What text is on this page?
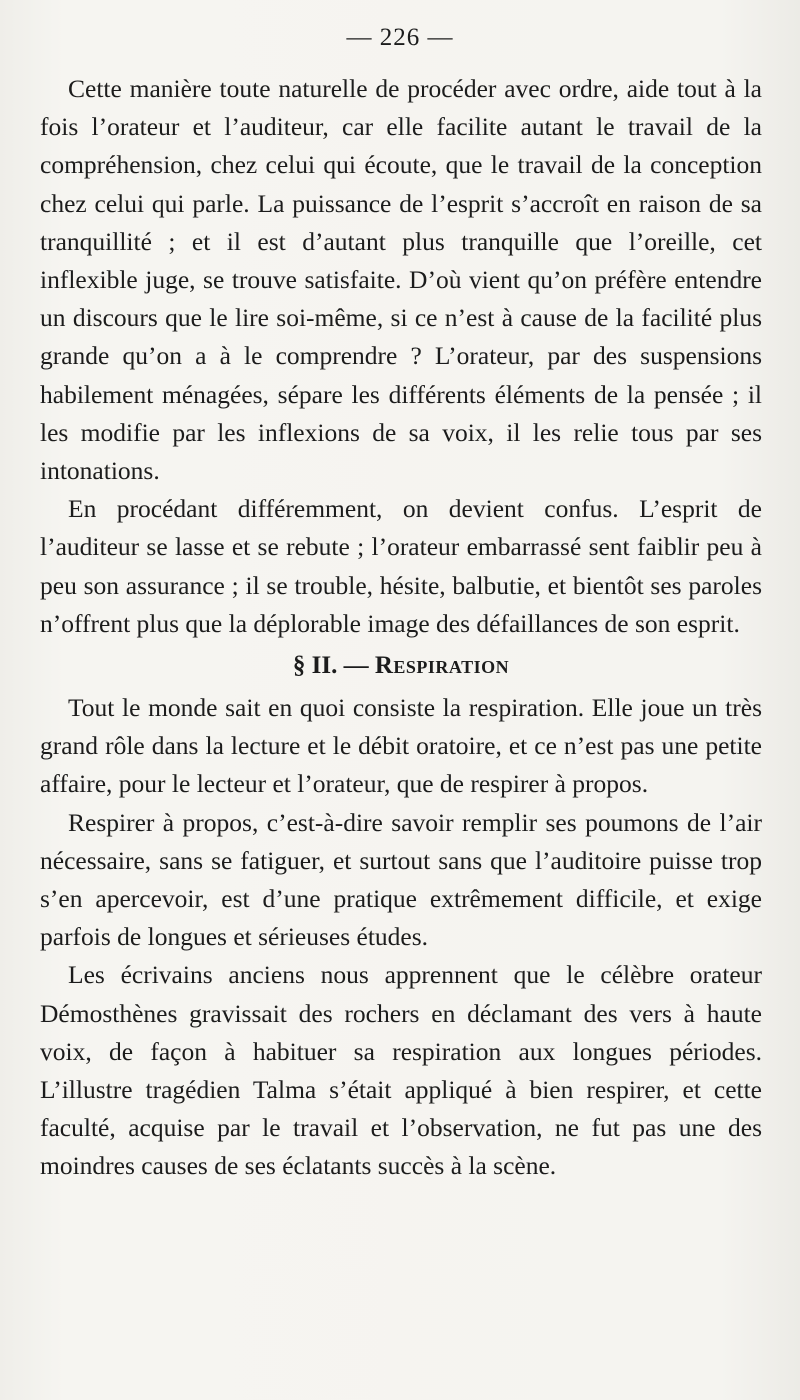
— 226 —

Cette manière toute naturelle de procéder avec ordre, aide tout à la fois l’orateur et l’auditeur, car elle facilite autant le travail de la compréhension, chez celui qui écoute, que le travail de la conception chez celui qui parle. La puissance de l’esprit s’accroît en raison de sa tranquillité ; et il est d’autant plus tranquille que l’oreille, cet inflexible juge, se trouve satisfaite. D’où vient qu’on préfère entendre un discours que le lire soi-même, si ce n’est à cause de la facilité plus grande qu’on a à le comprendre ? L’orateur, par des suspensions habilement ménagées, sépare les différents éléments de la pensée ; il les modifie par les inflexions de sa voix, il les relie tous par ses intonations.

En procédant différemment, on devient confus. L’esprit de l’auditeur se lasse et se rebute ; l’orateur embarrassé sent faiblir peu à peu son assurance ; il se trouble, hésite, balbutie, et bientôt ses paroles n’offrent plus que la déplorable image des défaillances de son esprit.

§ II. — Respiration

Tout le monde sait en quoi consiste la respiration. Elle joue un très grand rôle dans la lecture et le débit oratoire, et ce n’est pas une petite affaire, pour le lecteur et l’orateur, que de respirer à propos.

Respirer à propos, c’est-à-dire savoir remplir ses poumons de l’air nécessaire, sans se fatiguer, et surtout sans que l’auditoire puisse trop s’en apercevoir, est d’une pratique extrêmement difficile, et exige parfois de longues et sérieuses études.

Les écrivains anciens nous apprennent que le célèbre orateur Démosthènes gravissait des rochers en déclamant des vers à haute voix, de façon à habituer sa respiration aux longues périodes. L’illustre tragédien Talma s’était appliqué à bien respirer, et cette faculté, acquise par le travail et l’observation, ne fut pas une des moindres causes de ses éclatants succès à la scène.
